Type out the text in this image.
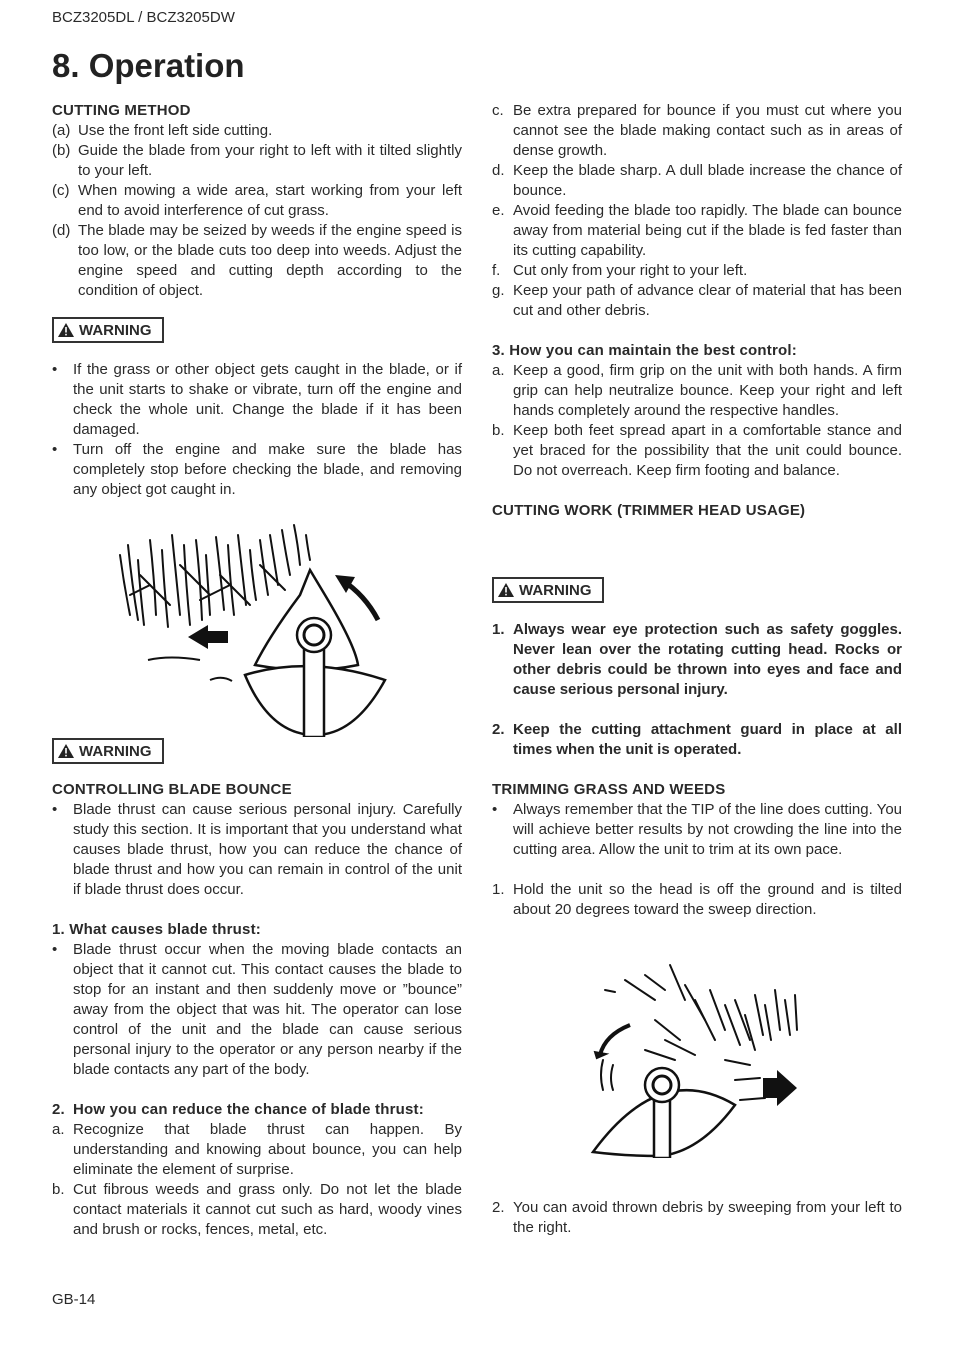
BCZ3205DL / BCZ3205DW
8. Operation

CUTTING METHOD

(a) Use the front left side cutting.
(b) Guide the blade from your right to left with it tilted slightly to your left.
(c) When mowing a wide area, start working from your left end to avoid interference of cut grass.
(d) The blade may be seized by weeds if the engine speed is too low, or the blade cuts too deep into weeds. Adjust the engine speed and cutting depth according to the condition of object.
WARNING
•	If the grass or other object gets caught in the blade, or if the unit starts to shake or vibrate, turn off the engine and check the whole unit. Change the blade if it has been damaged.
•	Turn off the engine and make sure the blade has completely stop before checking the blade, and removing any object got caught in.
WARNING

CONTROLLING BLADE BOUNCE

•	Blade thrust can cause serious personal injury. Carefully study this section. It is important that you understand what causes blade thrust, how you can reduce the chance of blade thrust and how you can remain in control of the unit if blade thrust does occur.

1. What causes blade thrust:

•	Blade thrust occur when the moving blade contacts an object that it cannot cut. This contact causes the blade to stop for an instant and then suddenly move or ”bounce” away from the object that was hit. The operator can lose control of the unit and the blade can cause serious personal injury to the operator or any person nearby if the blade contacts any part of the body.
2. How you can reduce the chance of blade thrust:
a. Recognize that blade thrust can happen. By understanding and knowing about bounce, you can help eliminate the element of surprise.
b. Cut fibrous weeds and grass only. Do not let the blade contact materials it cannot cut such as hard, woody vines and brush or rocks, fences, metal, etc.
c. Be extra prepared for bounce if you must cut where you cannot see the blade making contact such as in areas of dense growth.
d. Keep the blade sharp. A dull blade increase the chance of bounce.
e. Avoid feeding the blade too rapidly. The blade can bounce away from material being cut if the blade is fed faster than its cutting capability.
f. Cut only from your right to your left.
g. Keep your path of advance clear of material that has been cut and other debris.

3. How you can maintain the best control:

a. Keep a good, firm grip on the unit with both hands. A firm grip can help neutralize bounce. Keep your right and left hands completely around the respective handles.
b. Keep both feet spread apart in a comfortable stance and yet braced for the possibility that the unit could bounce. Do not overreach. Keep firm footing and balance.

CUTTING WORK (TRIMMER HEAD USAGE)

WARNING
1. Always wear eye protection such as safety goggles. Never lean over the rotating cutting head. Rocks or other debris could be thrown into eyes and face and cause serious personal injury.
2. Keep the cutting attachment guard in place at all times when the unit is operated.

TRIMMING GRASS AND WEEDS

•	Always remember that the TIP of the line does cutting. You will achieve better results by not crowding the line into the cutting area. Allow the unit to trim at its own pace.
1. Hold the unit so the head is off the ground and is tilted about 20 degrees toward the sweep direction.
2. You can avoid thrown debris by sweeping from your left to the right.
GB-14
